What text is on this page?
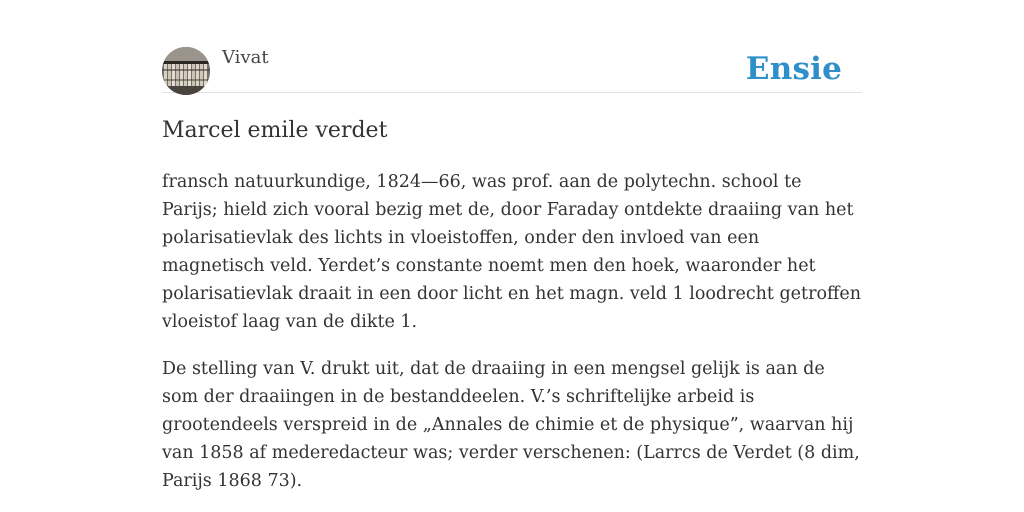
Vivat	Ensie
Marcel emile verdet

fransch natuurkundige, 1824—66, was prof. aan de polytechn. school te Parijs; hield zich vooral bezig met de, door Faraday ontdekte draaiing van het polarisatievlak des lichts in vloeistoffen, onder den invloed van een magnetisch veld. Yerdet’s constante noemt men den hoek, waaronder het polarisatievlak draait in een door licht en het magn. veld 1 loodrecht getroffen vloeistof laag van de dikte 1.

De stelling van V. drukt uit, dat de draaiing in een mengsel gelijk is aan de som der draaiingen in de bestanddeelen. V.’s schriftelijke arbeid is grootendeels verspreid in de „Annales de chimie et de physique”, waarvan hij van 1858 af mederedacteur was; verder verschenen: (Larrcs de Verdet (8 dim, Parijs 1868 73).
